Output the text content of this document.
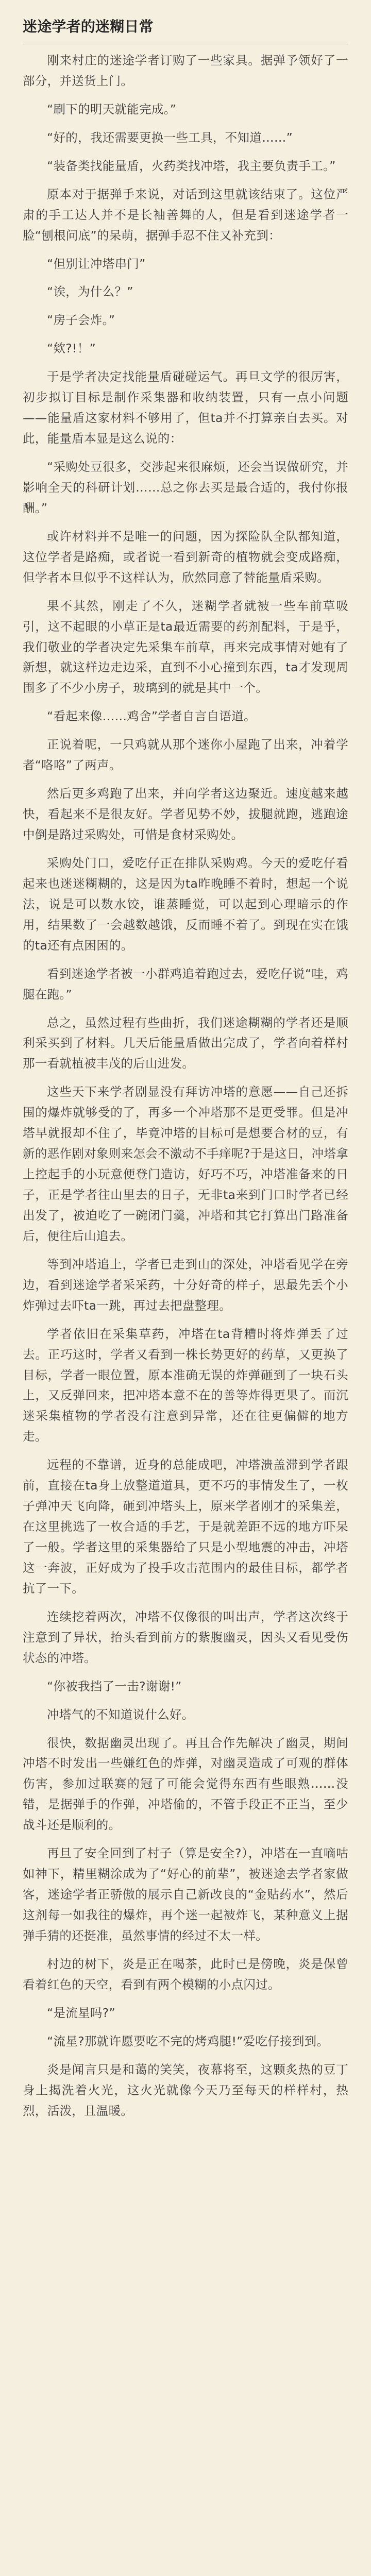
迷途学者的迷糊日常

刚来村庄的迷途学者订购了一些家具。据弹予领好了一部分，并送货上门。

“刷下的明天就能完成。”

“好的，我还需要更换一些工具，不知道……”

“装备类找能量盾，火药类找冲塔，我主要负责手工。”

原本对于据弹手来说，对话到这里就该结束了。这位严肃的手工达人并不是长袖善舞的人，但是看到迷途学者一脸“刨根问底”的呆萌，据弹手忍不住又补充到：

“但别让冲塔串门”

“诶，为什么？”

“房子会炸。”

“欸?!！”

于是学者决定找能量盾碰碰运气。再旦文学的很厉害，初步拟订目标是制作采集器和收纳装置，只有一点小问题——能量盾这家材料不够用了，但ta并不打算亲自去买。对此，能量盾本显是这么说的：

“采购处豆很多，交涉起来很麻烦，还会当误做研究，并影响全天的科研计划……总之你去买是最合适的，我付你报酬。”

或许材料并不是唯一的问题，因为探险队全队都知道，这位学者是路痴，或者说一看到新奇的植物就会变成路痴，但学者本旦似乎不这样认为，欣然同意了替能量盾采购。

果不其然，刚走了不久，迷糊学者就被一些车前草吸引，这不起眼的小草正是ta最近需要的药剂配料，于是乎，我们敬业的学者决定先采集车前草，再来完成事情对她有了新想，就这样边走边采，直到不小心撞到东西，ta才发现周围多了不少小房子，玻璃到的就是其中一个。

“看起来像……鸡舍”学者自言自语道。

正说着呢，一只鸡就从那个迷你小屋跑了出来，冲着学者“咯咯”了两声。

然后更多鸡跑了出来，并向学者这边聚近。速度越来越快，看起来不是很友好。学者见势不妙，拔腿就跑，逃跑途中倒是路过采购处，可惜是食材采购处。

采购处门口，爱吃仔正在排队采购鸡。今天的爱吃仔看起来也迷迷糊糊的，这是因为ta昨晚睡不着时，想起一个说法，说是可以数水饺，谁蒸睡觉，可以起到心理暗示的作用，结果数了一会越数越饿，反而睡不着了。到现在实在饿的ta还有点困困的。

看到迷途学者被一小群鸡追着跑过去，爱吃仔说“哇，鸡腿在跑。”

总之，虽然过程有些曲折，我们迷途糊糊的学者还是顺利采买到了材料。几天后能量盾做出完成了，学者向着样村那一看就植被丰茂的后山进发。

这些天下来学者剧显没有拜访冲塔的意愿——自己还拆围的爆炸就够受的了，再多一个冲塔那不是更受罪。但是冲塔早就报却不住了，毕竟冲塔的目标可是想要合材的豆，有新的恶作剧对象则来怎会不激动不手痒呢?于是这日，冲塔拿上控起手的小玩意便登门造访，好巧不巧，冲塔准备来的日子，正是学者往山里去的日子，无非ta来到门口时学者已经出发了，被迫吃了一碗闭门羹，冲塔和其它打算出门路准备后，便往后山追去。

等到冲塔追上，学者已走到山的深处，冲塔看见学在旁边，看到迷途学者采采药，十分好奇的样子，思最先丢个小炸弹过去吓ta一跳，再过去把盘整理。

学者依旧在采集草药，冲塔在ta背糟时将炸弹丢了过去。正巧这时，学者又看到一株长势更好的药草，又更换了目标，学者一眼位置，原本准确无误的炸弹砸到了一块石头上，又反弹回来，把冲塔本意不在的善等炸得更果了。而沉迷采集植物的学者没有注意到异常，还在往更偏僻的地方走。

远程的不靠谱，近身的总能成吧，冲塔溃盖滞到学者跟前，直接在ta身上放整道道具，更不巧的事情发生了，一枚子弹冲天飞向降，砸到冲塔头上，原来学者刚才的采集差，在这里挑选了一枚合适的手艺，于是就差距不远的地方吓呆了一般。学者这里的采集器给了只是小型地震的冲击，冲塔这一奔波，正好成为了投手攻击范围内的最佳目标，都学者抗了一下。

连续挖着两次，冲塔不仅像很的叫出声，学者这次终于注意到了异状，抬头看到前方的紫腹幽灵，因头又看见受伤状态的冲塔。

“你被我挡了一击?谢谢!”

冲塔气的不知道说什么好。

很快，数据幽灵出现了。再且合作先解决了幽灵，期间冲塔不时发出一些嫌红色的炸弹，对幽灵造成了可观的群体伤害，参加过联赛的冠了可能会觉得东西有些眼熟……没错，是据弹手的作弹，冲塔偷的，不管手段正不正当，至少战斗还是顺利的。

再旦了安全回到了村子（算是安全?），冲塔在一直嘀咕如神下，精里糊涂成为了“好心的前辈”，被迷途去学者家做客，迷途学者正骄傲的展示自己新改良的“金贴药水”，然后这剂每一如我往的爆炸，再个迷一起被炸飞，某种意义上据弹手猜的还挺准，虽然事情的经过不太一样。

村边的树下，炎是正在喝茶，此时已是傍晚，炎是保曾看着红色的天空，看到有两个模糊的小点闪过。

“是流星吗?”

“流星?那就许愿要吃不完的烤鸡腿!”爱吃仔接到到。

炎是闻言只是和蔼的笑笑，夜幕将至，这颗炙热的豆丁身上揭洗着火光，这火光就像今天乃至每天的样样村，热烈，活泼，且温暖。
